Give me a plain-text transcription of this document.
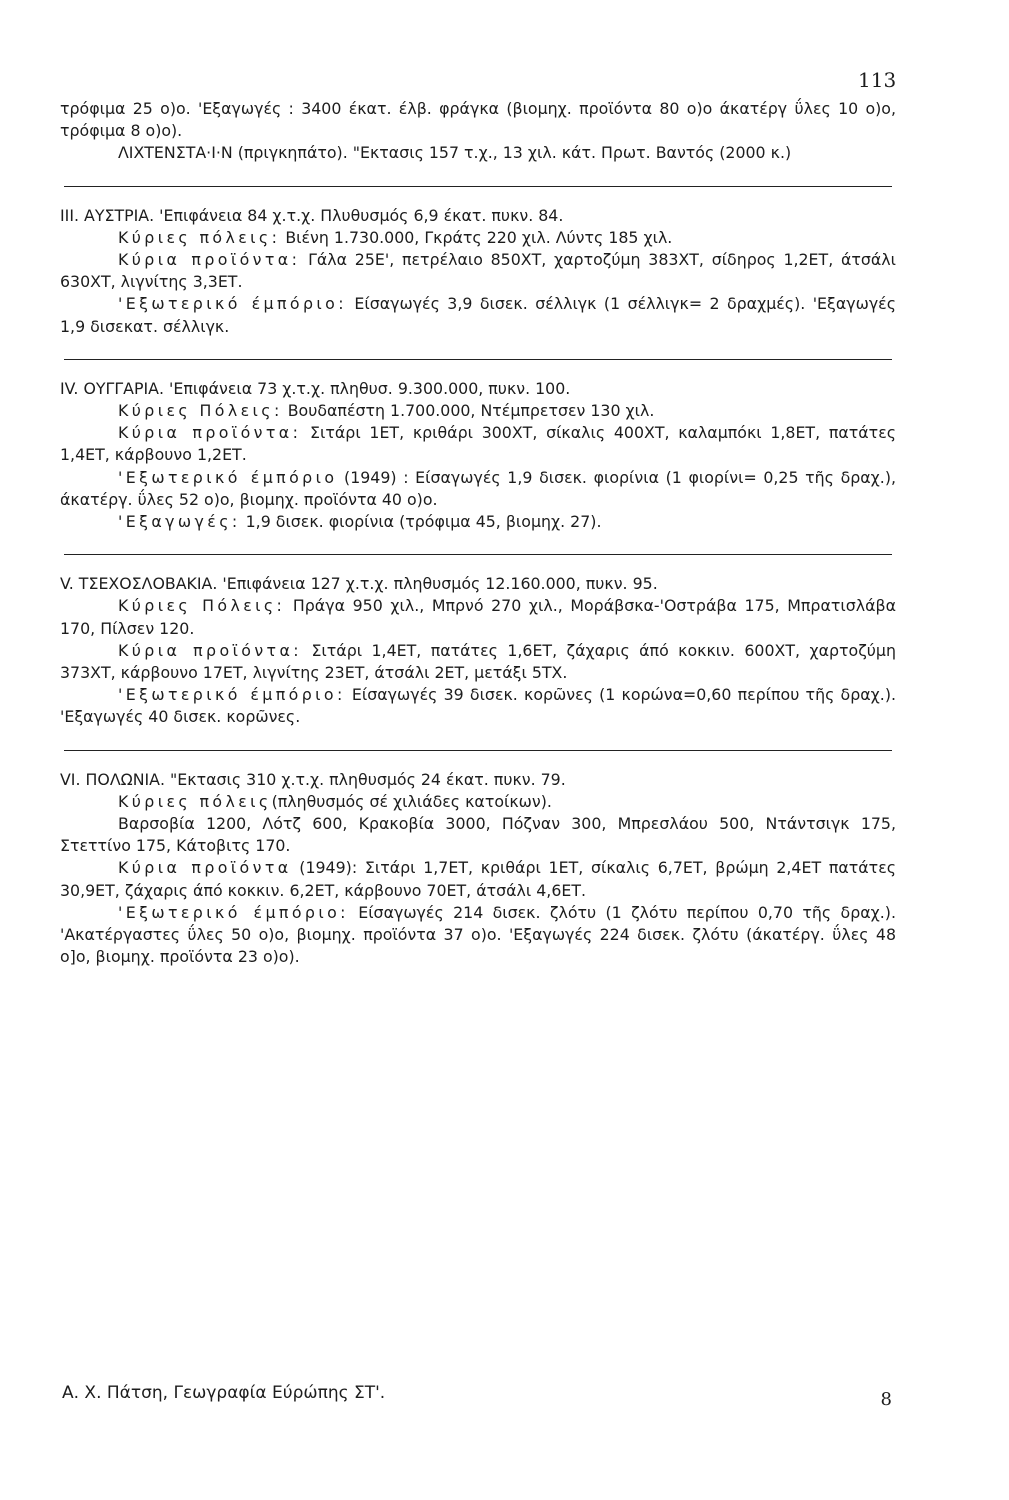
113

τρόφιμα 25 ο)ο. 'Εξαγωγές : 3400 έκατ. έλβ. φράγκα (βιομηχ. προϊόντα 80 ο)ο άκατέργ ΰλες 10 ο)ο, τρόφιμα 8 ο)ο).

ΛΙΧΤΕΝΣΤΑ·Ι·Ν (πριγκηπάτο). "Εκτασις 157 τ.χ., 13 χιλ. κάτ. Πρωτ. Βαντός (2000 κ.)

III. ΑΥΣΤΡΙΑ. 'Επιφάνεια 84 χ.τ.χ. Πλυθυσμός 6,9 έκατ. πυκν. 84.

Κύριες πόλεις: Βιένη 1.730.000, Γκράτς 220 χιλ. Λύντς 185 χιλ.

Κύρια προϊόντα: Γάλα 25Ε', πετρέλαιο 850ΧΤ, χαρτοζύμη 383ΧΤ, σίδηρος 1,2ΕΤ, άτσάλι 630ΧΤ, λιγνίτης 3,3ΕΤ.

'Εξωτερικό έμπόριο: Είσαγωγές 3,9 δισεκ. σέλλιγκ (1 σέλλιγκ= 2 δραχμές). 'Εξαγωγές 1,9 δισεκατ. σέλλιγκ.

IV. ΟΥΓΓΑΡΙΑ. 'Επιφάνεια 73 χ.τ.χ. πληθυσ. 9.300.000, πυκν. 100.

Κύριες Πόλεις: Βουδαπέστη 1.700.000, Ντέμπρετσεν 130 χιλ.

Κύρια προϊόντα: Σιτάρι 1ΕΤ, κριθάρι 300ΧΤ, σίκαλις 400ΧΤ, καλαμπόκι 1,8ΕΤ, πατάτες 1,4ΕΤ, κάρβουνο 1,2ΕΤ.

'Εξωτερικό έμπόριο (1949) : Είσαγωγές 1,9 δισεκ. φιορίνια (1 φιορίνι= 0,25 τῆς δραχ.), άκατέργ. ΰλες 52 ο)ο, βιομηχ. προϊόντα 40 ο)ο.

'Εξαγωγές: 1,9 δισεκ. φιορίνια (τρόφιμα 45, βιομηχ. 27).

V. ΤΣΕΧΟΣΛΟΒΑΚΙΑ. 'Επιφάνεια 127 χ.τ.χ. πληθυσμός 12.160.000, πυκν. 95.

Κύριες Πόλεις: Πράγα 950 χιλ., Μπρνό 270 χιλ., Μοράβσκα-'Οστράβα 175, Μπρατισλάβα 170, Πίλσεν 120.

Κύρια προϊόντα: Σιτάρι 1,4ΕΤ, πατάτες 1,6ΕΤ, ζάχαρις άπό κοκκιν. 600ΧΤ, χαρτοζύμη 373ΧΤ, κάρβουνο 17ΕΤ, λιγνίτης 23ΕΤ, άτσάλι 2ΕΤ, μετάξι 5ΤΧ.

'Εξωτερικό έμπόριο: Είσαγωγές 39 δισεκ. κορῶνες (1 κορώνα=0,60 περίπου τῆς δραχ.). 'Εξαγωγές 40 δισεκ. κορῶνες.

VI. ΠΟΛΩΝΙΑ. "Εκτασις 310 χ.τ.χ. πληθυσμός 24 έκατ. πυκν. 79.

Κύριες πόλεις(πληθυσμός σέ χιλιάδες κατοίκων).

Βαρσοβία 1200, Λότζ 600, Κρακοβία 3000, Πόζναν 300, Μπρεσλάου 500, Ντάντσιγκ 175, Στεττίνο 175, Κάτοβιτς 170.

Κύρια προϊόντα (1949): Σιτάρι 1,7ΕΤ, κριθάρι 1ΕΤ, σίκαλις 6,7ΕΤ, βρώμη 2,4ΕΤ πατάτες 30,9ΕΤ, ζάχαρις άπό κοκκιν. 6,2ΕΤ, κάρβουνο 70ΕΤ, άτσάλι 4,6ΕΤ.

'Εξωτερικό έμπόριο: Είσαγωγές 214 δισεκ. ζλότυ (1 ζλότυ περίπου 0,70 τῆς δραχ.). 'Ακατέργαστες ΰλες 50 ο)ο, βιομηχ. προϊόντα 37 ο)ο. 'Εξαγωγές 224 δισεκ. ζλότυ (άκατέργ. ΰλες 48 ο]ο, βιομηχ. προϊόντα 23 ο)ο).

Α. Χ. Πάτση, Γεωγραφία Εύρώπης ΣΤ'.	8
